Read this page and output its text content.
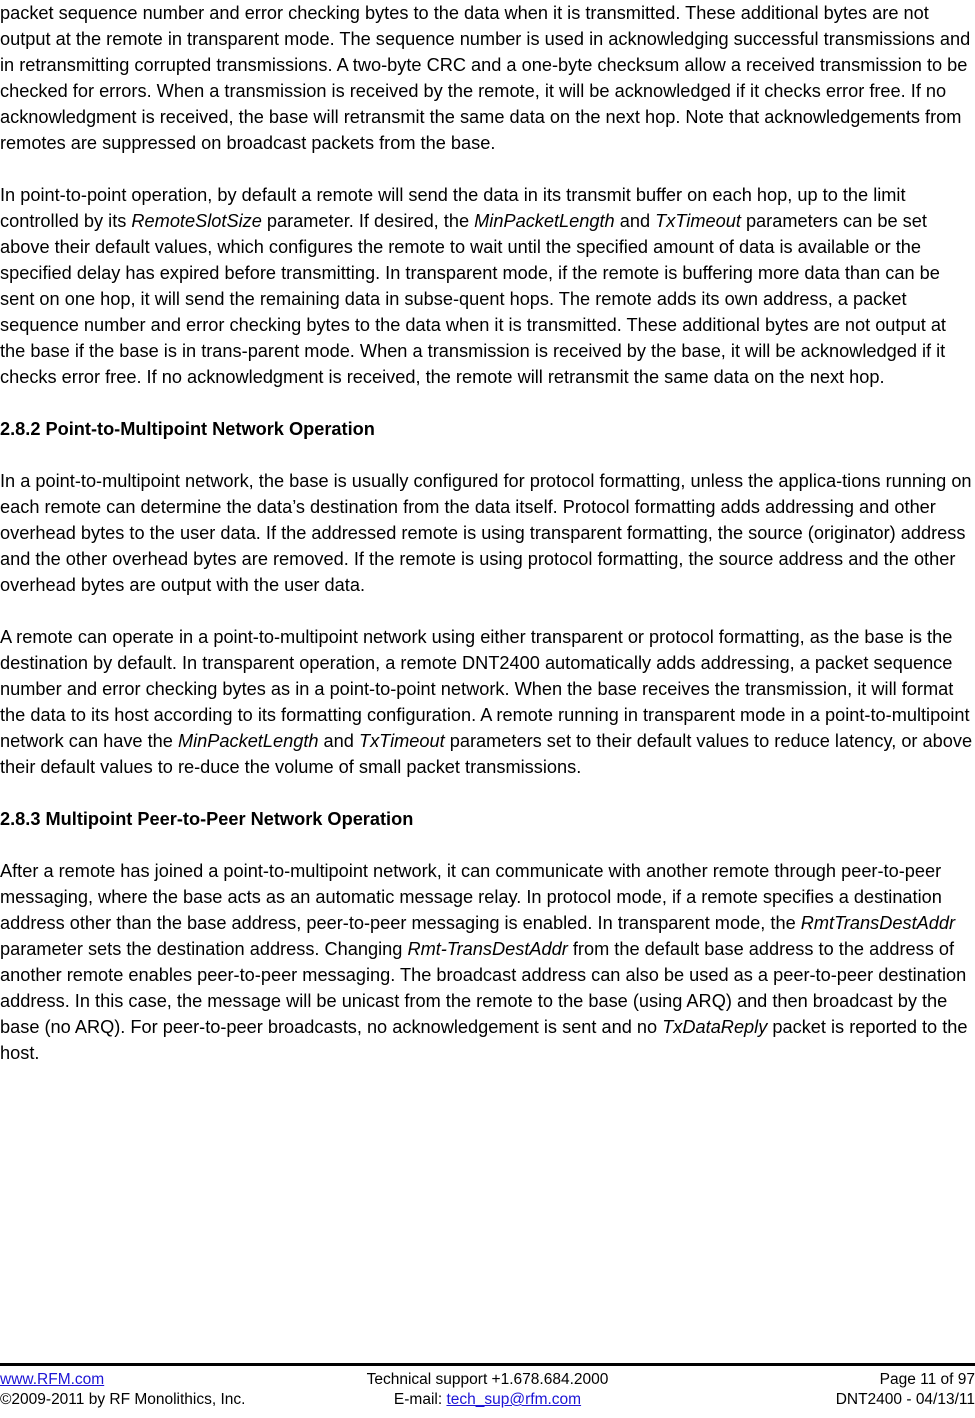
packet sequence number and error checking bytes to the data when it is transmitted. These additional bytes are not output at the remote in transparent mode. The sequence number is used in acknowledging successful transmissions and in retransmitting corrupted transmissions. A two-byte CRC and a one-byte checksum allow a received transmission to be checked for errors. When a transmission is received by the remote, it will be acknowledged if it checks error free. If no acknowledgment is received, the base will retransmit the same data on the next hop. Note that acknowledgements from remotes are suppressed on broadcast packets from the base.

In point-to-point operation, by default a remote will send the data in its transmit buffer on each hop, up to the limit controlled by its RemoteSlotSize parameter. If desired, the MinPacketLength and TxTimeout parameters can be set above their default values, which configures the remote to wait until the specified amount of data is available or the specified delay has expired before transmitting. In transparent mode, if the remote is buffering more data than can be sent on one hop, it will send the remaining data in subse-quent hops. The remote adds its own address, a packet sequence number and error checking bytes to the data when it is transmitted. These additional bytes are not output at the base if the base is in trans-parent mode. When a transmission is received by the base, it will be acknowledged if it checks error free. If no acknowledgment is received, the remote will retransmit the same data on the next hop.

2.8.2 Point-to-Multipoint Network Operation

In a point-to-multipoint network, the base is usually configured for protocol formatting, unless the applica-tions running on each remote can determine the data’s destination from the data itself. Protocol formatting adds addressing and other overhead bytes to the user data. If the addressed remote is using transparent formatting, the source (originator) address and the other overhead bytes are removed. If the remote is using protocol formatting, the source address and the other overhead bytes are output with the user data.

A remote can operate in a point-to-multipoint network using either transparent or protocol formatting, as the base is the destination by default. In transparent operation, a remote DNT2400 automatically adds addressing, a packet sequence number and error checking bytes as in a point-to-point network. When the base receives the transmission, it will format the data to its host according to its formatting configuration. A remote running in transparent mode in a point-to-multipoint network can have the MinPacketLength and TxTimeout parameters set to their default values to reduce latency, or above their default values to re-duce the volume of small packet transmissions.

2.8.3 Multipoint Peer-to-Peer Network Operation

After a remote has joined a point-to-multipoint network, it can communicate with another remote through peer-to-peer messaging, where the base acts as an automatic message relay. In protocol mode, if a remote specifies a destination address other than the base address, peer-to-peer messaging is enabled. In transparent mode, the RmtTransDestAddr parameter sets the destination address. Changing Rmt-TransDestAddr from the default base address to the address of another remote enables peer-to-peer messaging. The broadcast address can also be used as a peer-to-peer destination address. In this case, the message will be unicast from the remote to the base (using ARQ) and then broadcast by the base (no ARQ). For peer-to-peer broadcasts, no acknowledgement is sent and no TxDataReply packet is reported to the host.

Technical support +1.678.684.2000
E-mail: tech_sup@rfm.com
www.RFM.com
©2009-2011 by RF Monolithics, Inc.
Page 11 of 97
DNT2400 - 04/13/11
